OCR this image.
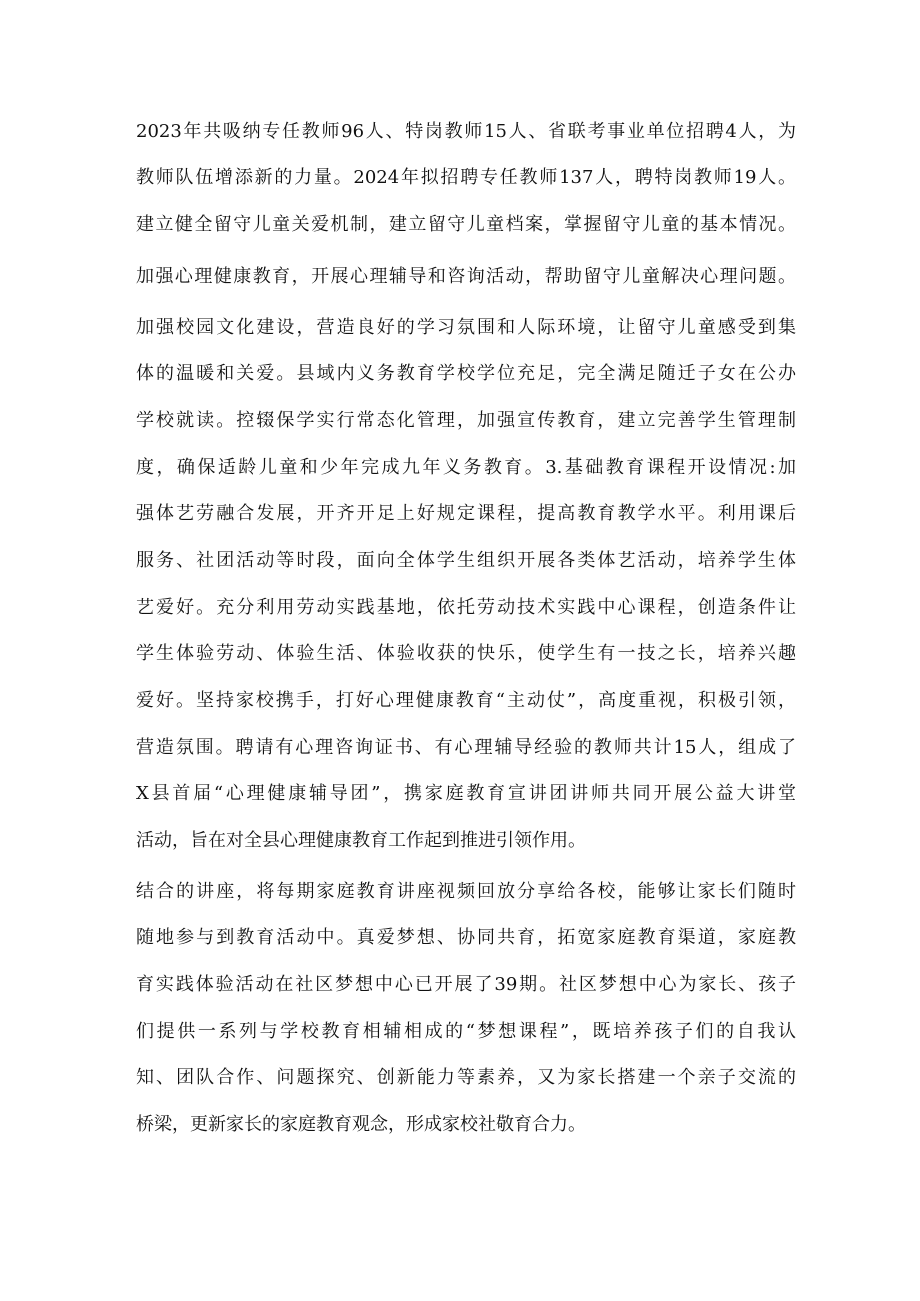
2023年共吸纳专任教师96人、特岗教师15人、省联考事业单位招聘4人，为

教师队伍增添新的力量。2024年拟招聘专任教师137人，聘特岗教师19人。

建立健全留守儿童关爱机制，建立留守儿童档案，掌握留守儿童的基本情况。

加强心理健康教育，开展心理辅导和咨询活动，帮助留守儿童解决心理问题。

加强校园文化建设，营造良好的学习氛围和人际环境，让留守儿童感受到集

体的温暖和关爱。县域内义务教育学校学位充足，完全满足随迁子女在公办

学校就读。控辍保学实行常态化管理，加强宣传教育，建立完善学生管理制

度，确保适龄儿童和少年完成九年义务教育。3.基础教育课程开设情况:加

强体艺劳融合发展，开齐开足上好规定课程，提高教育教学水平。利用课后

服务、社团活动等时段，面向全体学生组织开展各类体艺活动，培养学生体

艺爱好。充分利用劳动实践基地，依托劳动技术实践中心课程，创造条件让

学生体验劳动、体验生活、体验收获的快乐，使学生有一技之长，培养兴趣

爱好。坚持家校携手，打好心理健康教育“主动仗”，高度重视，积极引领，

营造氛围。聘请有心理咨询证书、有心理辅导经验的教师共计15人，组成了

X县首届“心理健康辅导团”，携家庭教育宣讲团讲师共同开展公益大讲堂

活动，旨在对全县心理健康教育工作起到推进引领作用。

结合的讲座，将每期家庭教育讲座视频回放分享给各校，能够让家长们随时

随地参与到教育活动中。真爱梦想、协同共育，拓宽家庭教育渠道，家庭教

育实践体验活动在社区梦想中心已开展了39期。社区梦想中心为家长、孩子

们提供一系列与学校教育相辅相成的“梦想课程”，既培养孩子们的自我认

知、团队合作、问题探究、创新能力等素养，又为家长搭建一个亲子交流的

桥梁，更新家长的家庭教育观念，形成家校社敬育合力。
